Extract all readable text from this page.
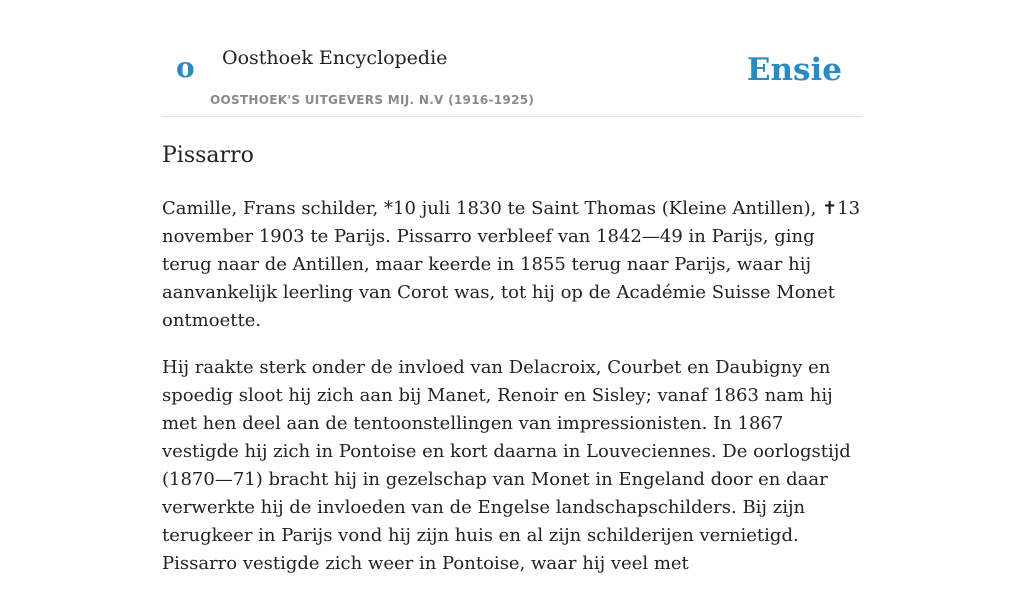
o Oosthoek Encyclopedie
OOSTHOEK'S UITGEVERS MIJ. N.V (1916-1925)
Ensie
Pissarro

Camille, Frans schilder, *10 juli 1830 te Saint Thomas (Kleine Antillen), ✝13 november 1903 te Parijs. Pissarro verbleef van 1842—49 in Parijs, ging terug naar de Antillen, maar keerde in 1855 terug naar Parijs, waar hij aanvankelijk leerling van Corot was, tot hij op de Académie Suisse Monet ontmoette.

Hij raakte sterk onder de invloed van Delacroix, Courbet en Daubigny en spoedig sloot hij zich aan bij Manet, Renoir en Sisley; vanaf 1863 nam hij met hen deel aan de tentoonstellingen van impressionisten. In 1867 vestigde hij zich in Pontoise en kort daarna in Louveciennes. De oorlogstijd (1870—71) bracht hij in gezelschap van Monet in Engeland door en daar verwerkte hij de invloeden van de Engelse landschapschilders. Bij zijn terugkeer in Parijs vond hij zijn huis en al zijn schilderijen vernietigd. Pissarro vestigde zich weer in Pontoise, waar hij veel met
